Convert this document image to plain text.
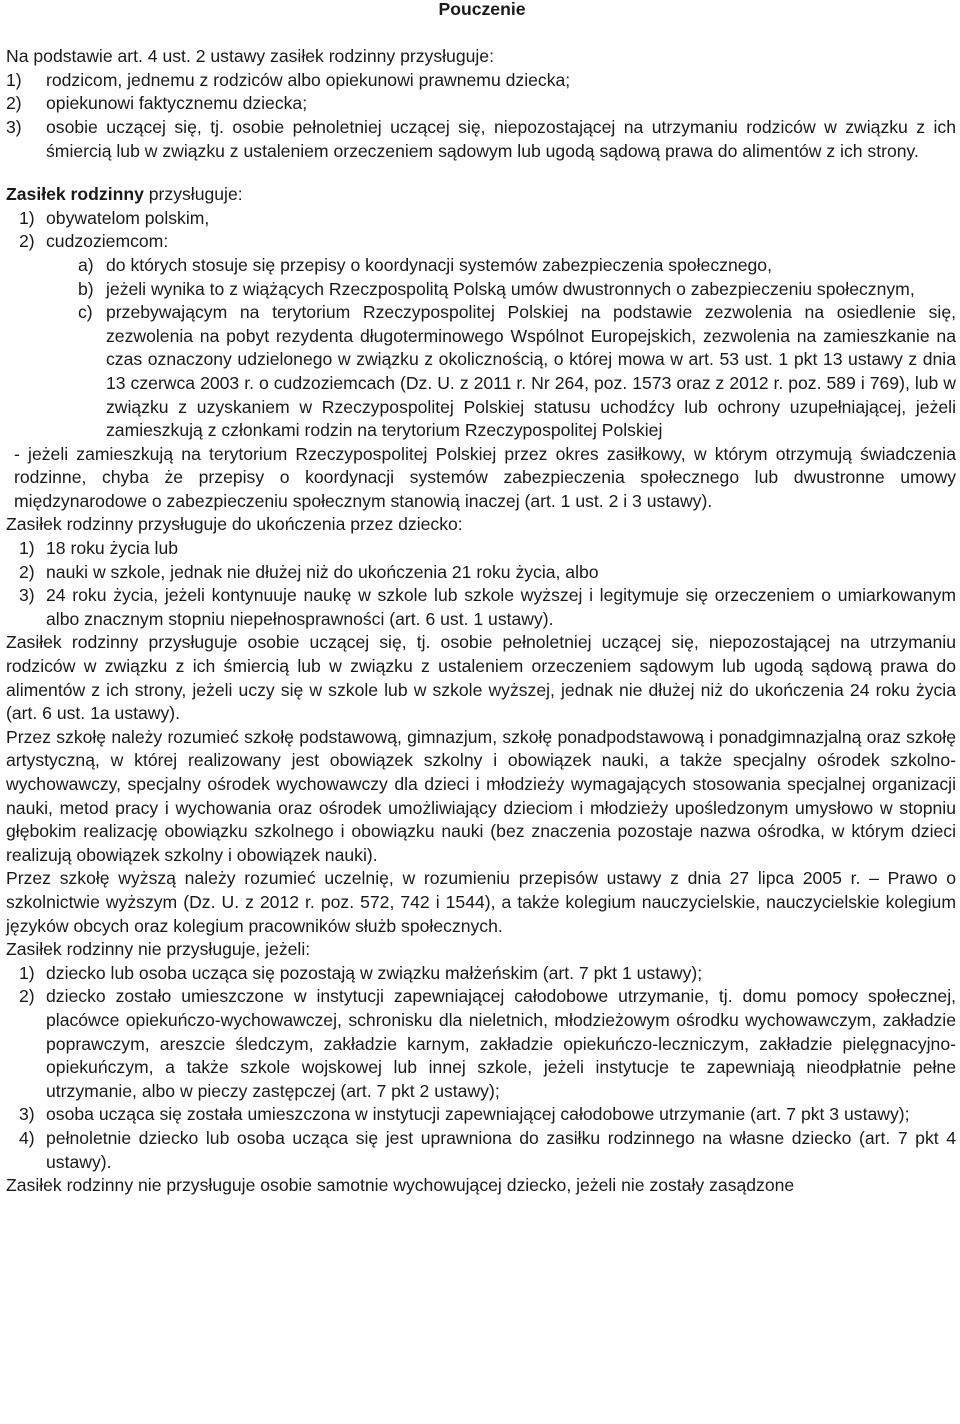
Pouczenie

Na podstawie art. 4 ust. 2 ustawy zasiłek rodzinny przysługuje:

1)	rodzicom, jednemu z rodziców albo opiekunowi prawnemu dziecka;
2)	opiekunowi faktycznemu dziecka;
3)	osobie uczącej się, tj. osobie pełnoletniej uczącej się, niepozostającej na utrzymaniu rodziców w związku z ich śmiercią lub w związku z ustaleniem orzeczeniem sądowym lub ugodą sądową prawa do alimentów z ich strony.

Zasiłek rodzinny przysługuje:

1) obywatelom polskim,
2) cudzoziemcom:
a) do których stosuje się przepisy o koordynacji systemów zabezpieczenia społecznego,
b) jeżeli wynika to z wiążących Rzeczpospolitą Polską umów dwustronnych o zabezpieczeniu społecznym,
c) przebywającym na terytorium Rzeczypospolitej Polskiej na podstawie zezwolenia na osiedlenie się, zezwolenia na pobyt rezydenta długoterminowego Wspólnot Europejskich, zezwolenia na zamieszkanie na czas oznaczony udzielonego w związku z okolicznością, o której mowa w art. 53 ust. 1 pkt 13 ustawy z dnia 13 czerwca 2003 r. o cudzoziemcach (Dz. U. z 2011 r. Nr 264, poz. 1573 oraz z 2012 r. poz. 589 i 769), lub w związku z uzyskaniem w Rzeczypospolitej Polskiej statusu uchodźcy lub ochrony uzupełniającej, jeżeli zamieszkują z członkami rodzin na terytorium Rzeczypospolitej Polskiej

- jeżeli zamieszkują na terytorium Rzeczypospolitej Polskiej przez okres zasiłkowy, w którym otrzymują świadczenia rodzinne, chyba że przepisy o koordynacji systemów zabezpieczenia społecznego lub dwustronne umowy międzynarodowe o zabezpieczeniu społecznym stanowią inaczej (art. 1 ust. 2 i 3 ustawy).

Zasiłek rodzinny przysługuje do ukończenia przez dziecko:

1) 18 roku życia lub
2) nauki w szkole, jednak nie dłużej niż do ukończenia 21 roku życia, albo
3) 24 roku życia, jeżeli kontynuuje naukę w szkole lub szkole wyższej i legitymuje się orzeczeniem o umiarkowanym albo znacznym stopniu niepełnosprawności (art. 6 ust. 1 ustawy).

Zasiłek rodzinny przysługuje osobie uczącej się, tj. osobie pełnoletniej uczącej się, niepozostającej na utrzymaniu rodziców w związku z ich śmiercią lub w związku z ustaleniem orzeczeniem sądowym lub ugodą sądową prawa do alimentów z ich strony, jeżeli uczy się w szkole lub w szkole wyższej, jednak nie dłużej niż do ukończenia 24 roku życia (art. 6 ust. 1a ustawy).

Przez szkołę należy rozumieć szkołę podstawową, gimnazjum, szkołę ponadpodstawową i ponadgimnazjalną oraz szkołę artystyczną, w której realizowany jest obowiązek szkolny i obowiązek nauki, a także specjalny ośrodek szkolno-wychowawczy, specjalny ośrodek wychowawczy dla dzieci i młodzieży wymagających stosowania specjalnej organizacji nauki, metod pracy i wychowania oraz ośrodek umożliwiający dzieciom i młodzieży upośledzonym umysłowo w stopniu głębokim realizację obowiązku szkolnego i obowiązku nauki (bez znaczenia pozostaje nazwa ośrodka, w którym dzieci realizują obowiązek szkolny i obowiązek nauki).

Przez szkołę wyższą należy rozumieć uczelnię, w rozumieniu przepisów ustawy z dnia 27 lipca 2005 r. – Prawo o szkolnictwie wyższym (Dz. U. z 2012 r. poz. 572, 742 i 1544), a także kolegium nauczycielskie, nauczycielskie kolegium języków obcych oraz kolegium pracowników służb społecznych.

Zasiłek rodzinny nie przysługuje, jeżeli:

1) dziecko lub osoba ucząca się pozostają w związku małżeńskim (art. 7 pkt 1 ustawy);
2) dziecko zostało umieszczone w instytucji zapewniającej całodobowe utrzymanie, tj. domu pomocy społecznej, placówce opiekuńczo-wychowawczej, schronisku dla nieletnich, młodzieżowym ośrodku wychowawczym, zakładzie poprawczym, areszcie śledczym, zakładzie karnym, zakładzie opiekuńczo-leczniczym, zakładzie pielęgnacyjno-opiekuńczym, a także szkole wojskowej lub innej szkole, jeżeli instytucje te zapewniają nieodpłatnie pełne utrzymanie, albo w pieczy zastępczej (art. 7 pkt 2 ustawy);
3) osoba ucząca się została umieszczona w instytucji zapewniającej całodobowe utrzymanie (art. 7 pkt 3 ustawy);
4) pełnoletnie dziecko lub osoba ucząca się jest uprawniona do zasiłku rodzinnego na własne dziecko (art. 7 pkt 4 ustawy).

Zasiłek rodzinny nie przysługuje osobie samotnie wychowującej dziecko, jeżeli nie zostały zasądzone
